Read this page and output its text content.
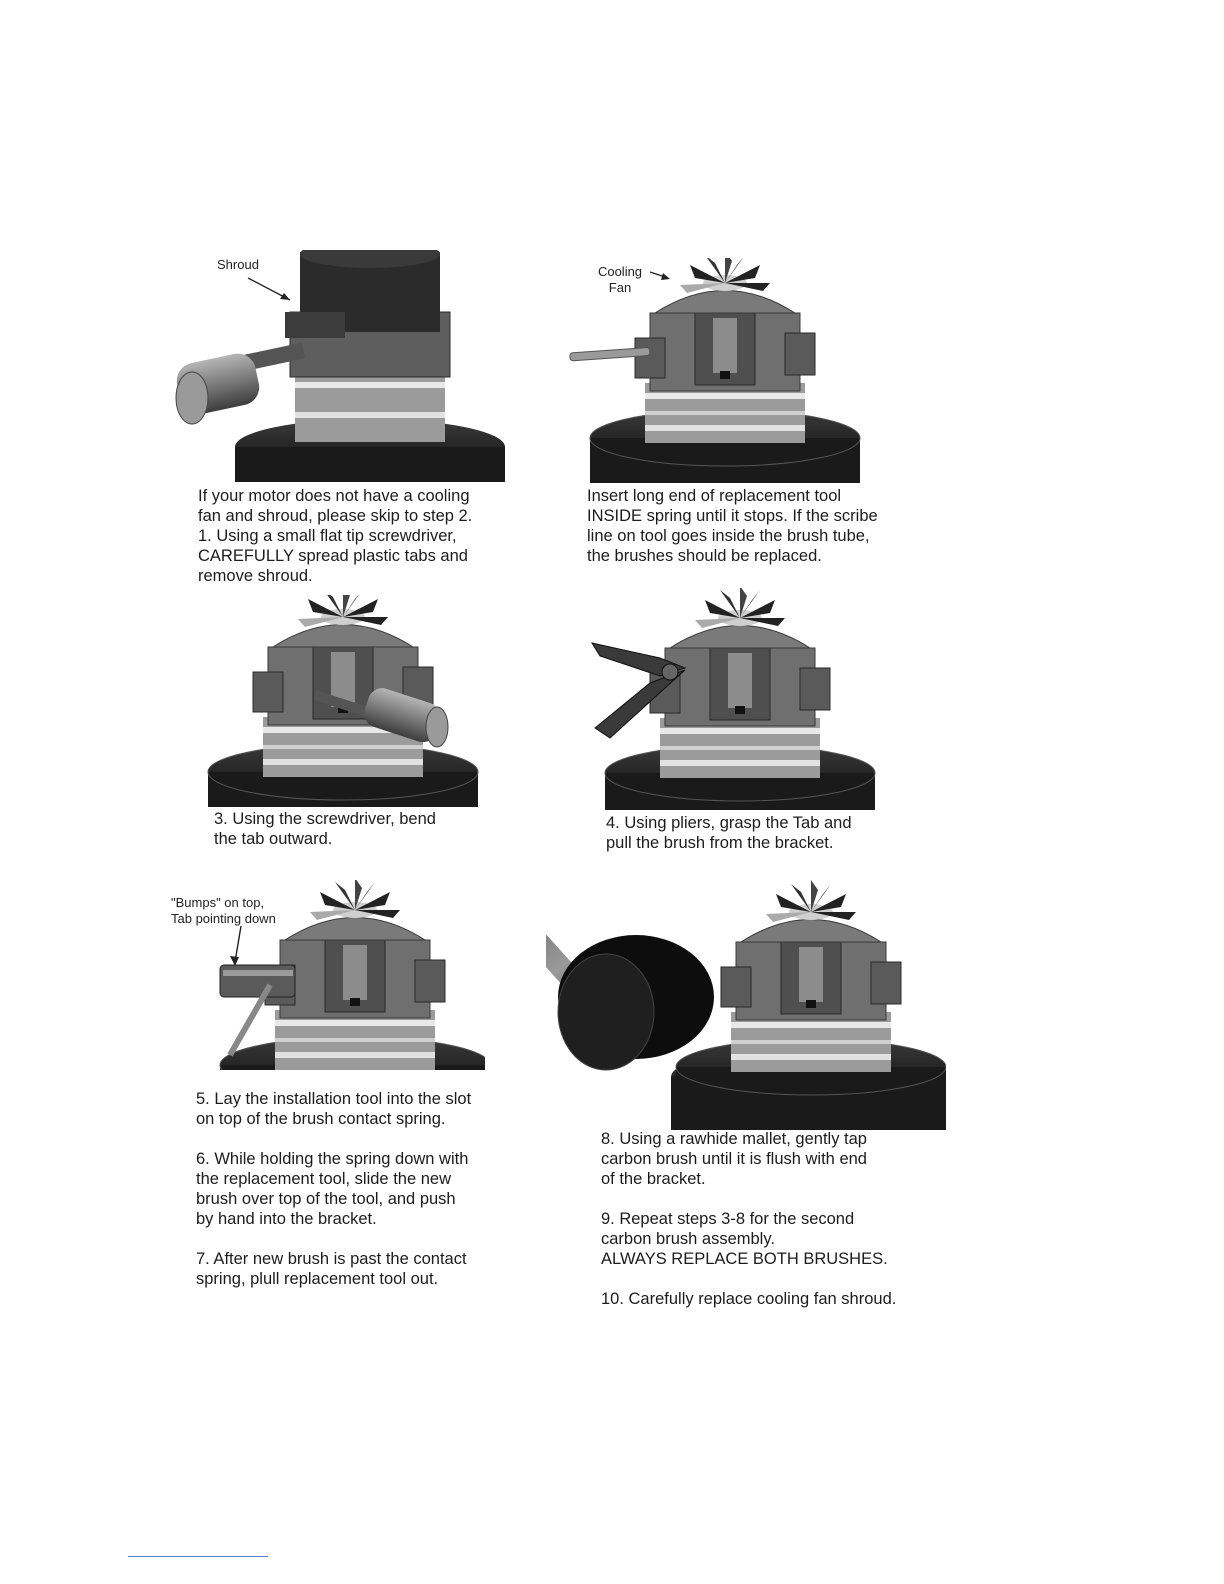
Shroud
If your motor does not have a cooling
fan and shroud, please skip to step 2.
1. Using a small flat tip screwdriver,
CAREFULLY spread plastic tabs and
remove shroud.
Cooling
Fan
Insert long end of replacement tool
INSIDE spring until it stops. If the scribe
line on tool goes inside the brush tube,
the brushes should be replaced.
3. Using the screwdriver, bend
the tab outward.
4. Using pliers, grasp the Tab and
pull the brush from the bracket.
"Bumps" on top,
Tab pointing down
5. Lay the installation tool into the slot
on top of the brush contact spring.

6. While holding the spring down with
the replacement tool, slide the new
brush over top of the tool, and push
by hand into the bracket.

7. After new brush is past the contact
spring, plull replacement tool out.
8. Using a rawhide mallet, gently tap
carbon brush until it is flush with end
of the bracket.

9. Repeat steps 3-8 for the second
carbon brush assembly.
ALWAYS REPLACE BOTH BRUSHES.

10. Carefully replace cooling fan shroud.
